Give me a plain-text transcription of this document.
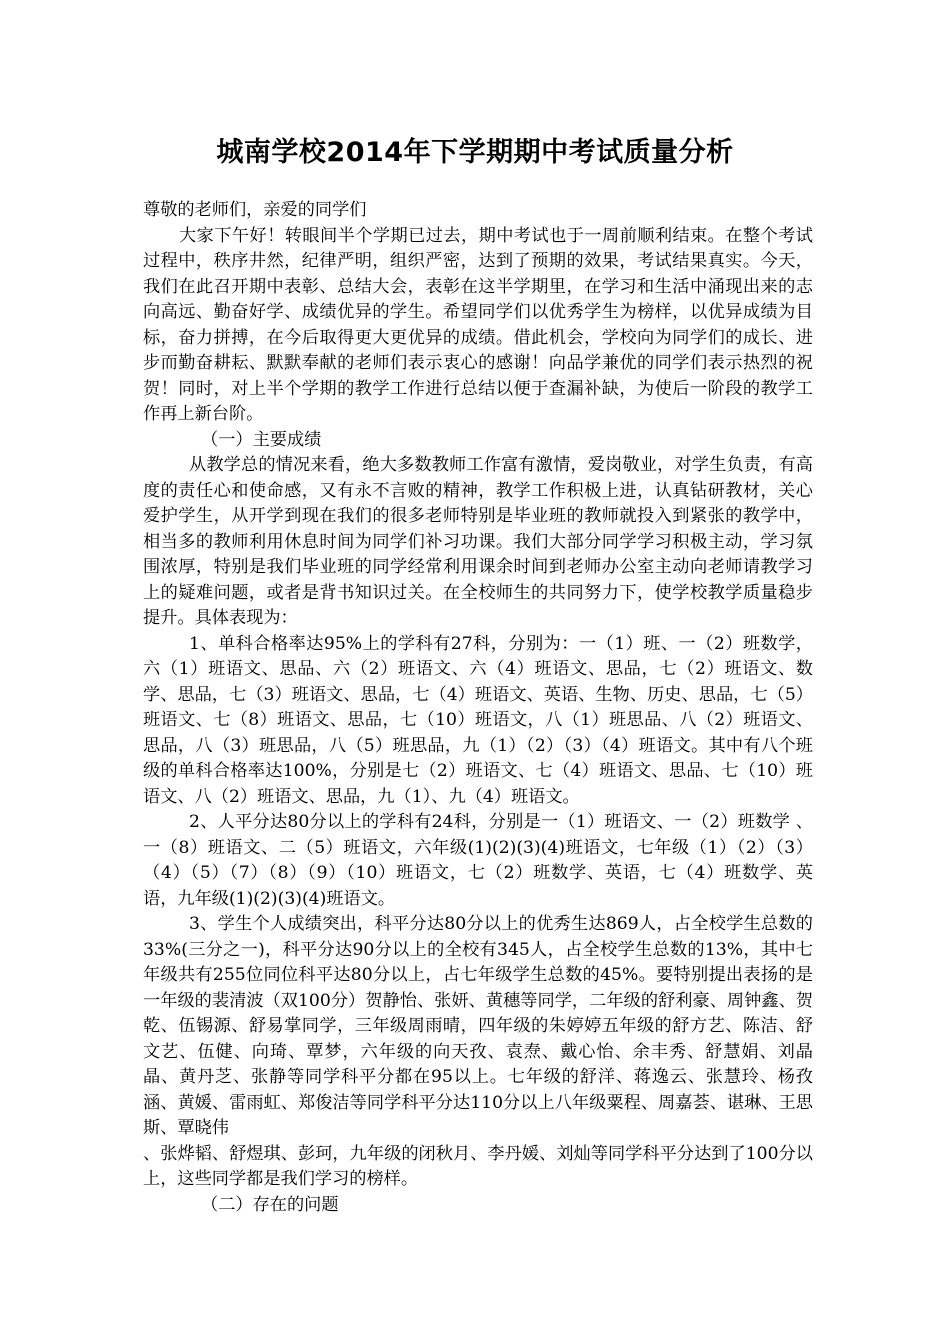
城南学校2014年下学期期中考试质量分析

尊敬的老师们，亲爱的同学们

大家下午好！转眼间半个学期已过去，期中考试也于一周前顺利结束。在整个考试过程中，秩序井然，纪律严明，组织严密，达到了预期的效果，考试结果真实。今天，我们在此召开期中表彰、总结大会，表彰在这半学期里，在学习和生活中涌现出来的志向高远、勤奋好学、成绩优异的学生。希望同学们以优秀学生为榜样，以优异成绩为目标，奋力拼搏，在今后取得更大更优异的成绩。借此机会，学校向为同学们的成长、进步而勤奋耕耘、默默奉献的老师们表示衷心的感谢！向品学兼优的同学们表示热烈的祝贺！同时，对上半个学期的教学工作进行总结以便于查漏补缺，为使后一阶段的教学工作再上新台阶。

（一）主要成绩

从教学总的情况来看，绝大多数教师工作富有激情，爱岗敬业，对学生负责，有高度的责任心和使命感，又有永不言败的精神，教学工作积极上进，认真钻研教材，关心爱护学生，从开学到现在我们的很多老师特别是毕业班的教师就投入到紧张的教学中，相当多的教师利用休息时间为同学们补习功课。我们大部分同学学习积极主动，学习氛围浓厚，特别是我们毕业班的同学经常利用课余时间到老师办公室主动向老师请教学习上的疑难问题，或者是背书知识过关。在全校师生的共同努力下，使学校教学质量稳步提升。具体表现为：

1、单科合格率达95%上的学科有27科，分别为：一（1）班、一（2）班数学，六（1）班语文、思品、六（2）班语文、六（4）班语文、思品，七（2）班语文、数学、思品，七（3）班语文、思品，七（4）班语文、英语、生物、历史、思品，七（5）班语文、七（8）班语文、思品，七（10）班语文，八（1）班思品、八（2）班语文、思品，八（3）班思品，八（5）班思品，九（1）（2）（3）（4）班语文。其中有八个班级的单科合格率达100%，分别是七（2）班语文、七（4）班语文、思品、七（10）班语文、八（2）班语文、思品，九（1）、九（4）班语文。

2、人平分达80分以上的学科有24科，分别是一（1）班语文、一（2）班数学 、一（8）班语文、二（5）班语文，六年级(1)(2)(3)(4)班语文，七年级（1）（2）（3）（4）（5）（7）（8）（9）（10）班语文，七（2）班数学、英语，七（4）班数学、英语，九年级(1)(2)(3)(4)班语文。

3、学生个人成绩突出，科平分达80分以上的优秀生达869人，占全校学生总数的33%(三分之一)，科平分达90分以上的全校有345人，占全校学生总数的13%，其中七年级共有255位同位科平达80分以上，占七年级学生总数的45%。要特别提出表扬的是一年级的裴清波（双100分）贺静怡、张妍、黄穗等同学，二年级的舒利豪、周钟鑫、贺乾、伍锡源、舒易掌同学，三年级周雨晴，四年级的朱婷婷五年级的舒方艺、陈洁、舒文艺、伍健、向琦、覃梦，六年级的向天孜、袁焘、戴心怡、余丰秀、舒慧娟、刘晶晶、黄丹芝、张静等同学科平分都在95以上。七年级的舒洋、蒋逸云、张慧玲、杨孜涵、黄媛、雷雨虹、郑俊洁等同学科平分达110分以上八年级粟程、周嘉荟、谌琳、王思斯、覃晓伟

、张烨韬、舒煜琪、彭珂，九年级的闭秋月、李丹媛、刘灿等同学科平分达到了100分以上，这些同学都是我们学习的榜样。

（二）存在的问题
